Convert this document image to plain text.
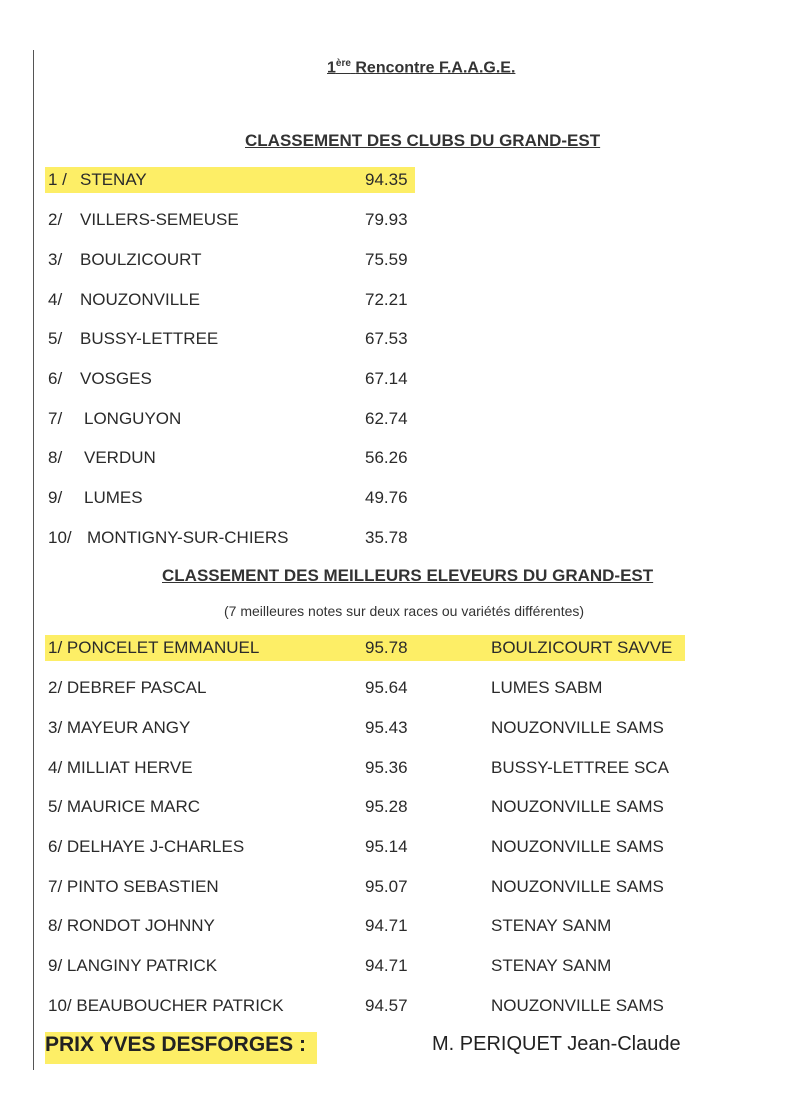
1ère Rencontre F.A.A.G.E.
CLASSEMENT DES CLUBS DU GRAND-EST
1 / STENAY	94.35
2/ VILLERS-SEMEUSE	79.93
3/ BOULZICOURT	75.59
4/ NOUZONVILLE	72.21
5/ BUSSY-LETTREE	67.53
6/ VOSGES	67.14
7/ LONGUYON	62.74
8/ VERDUN	56.26
9/ LUMES	49.76
10/ MONTIGNY-SUR-CHIERS	35.78
CLASSEMENT DES MEILLEURS ELEVEURS DU GRAND-EST
(7 meilleures notes sur deux races ou variétés différentes)
1/ PONCELET EMMANUEL	95.78	BOULZICOURT SAVVE
2/ DEBREF PASCAL	95.64	LUMES SABM
3/ MAYEUR ANGY	95.43	NOUZONVILLE SAMS
4/ MILLIAT HERVE	95.36	BUSSY-LETTREE SCA
5/ MAURICE MARC	95.28	NOUZONVILLE SAMS
6/ DELHAYE J-CHARLES	95.14	NOUZONVILLE SAMS
7/ PINTO SEBASTIEN	95.07	NOUZONVILLE SAMS
8/ RONDOT JOHNNY	94.71	STENAY SANM
9/ LANGINY PATRICK	94.71	STENAY SANM
10/ BEAUBOUCHER PATRICK	94.57	NOUZONVILLE SAMS
PRIX YVES DESFORGES :	M. PERIQUET Jean-Claude
